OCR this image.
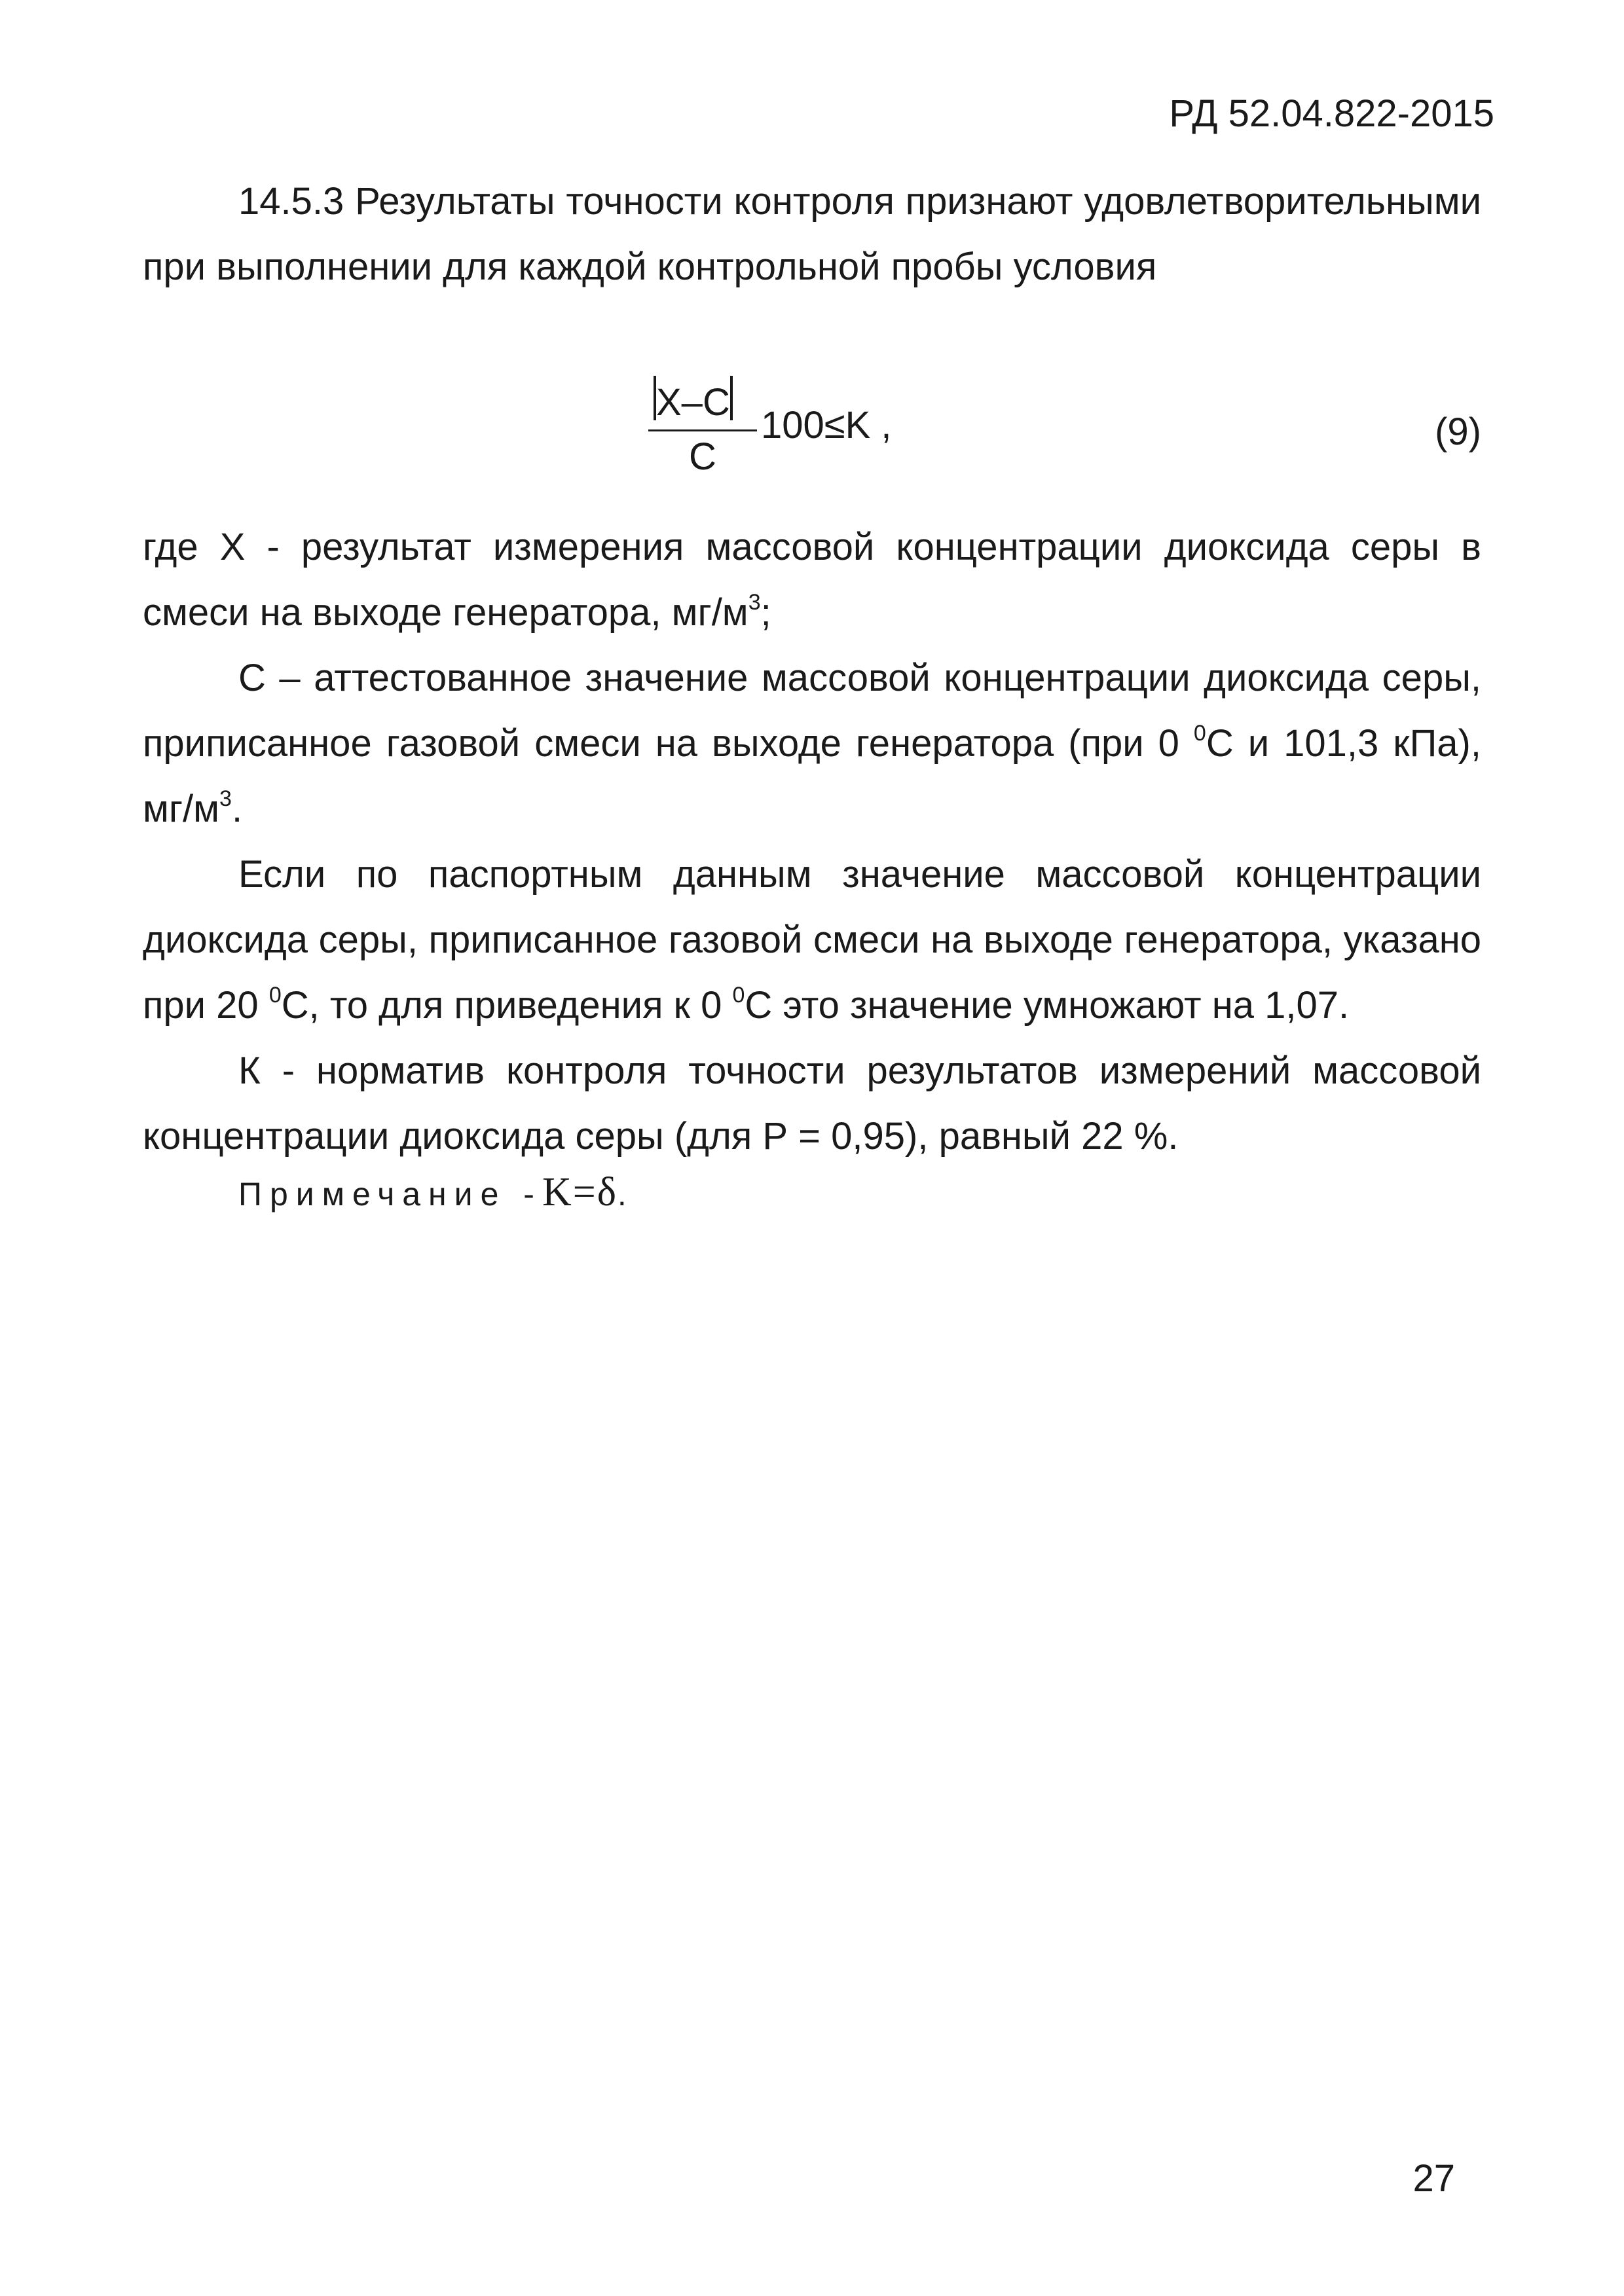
РД 52.04.822-2015

14.5.3 Результаты точности контроля признают удовлетворительными при выполнении для каждой контрольной пробы условия

X–C
C
100≤K ,	(9)

где X - результат измерения массовой концентрации диоксида серы в смеси на выходе генератора, $мг/м^3$;

С – аттестованное значение массовой концентрации диоксида серы, приписанное газовой смеси на выходе генератора (при 0 $^0$С и 101,3 кПа), $мг/м^3$.

Если по паспортным данным значение массовой концентрации диоксида серы, приписанное газовой смеси на выходе генератора, указано при 20 $^0$С, то для приведения к 0 $^0$С это значение умножают на 1,07.

К - норматив контроля точности результатов измерений массовой концентрации диоксида серы (для Р = 0,95), равный 22 %.

Примечание -K=δ.
27
